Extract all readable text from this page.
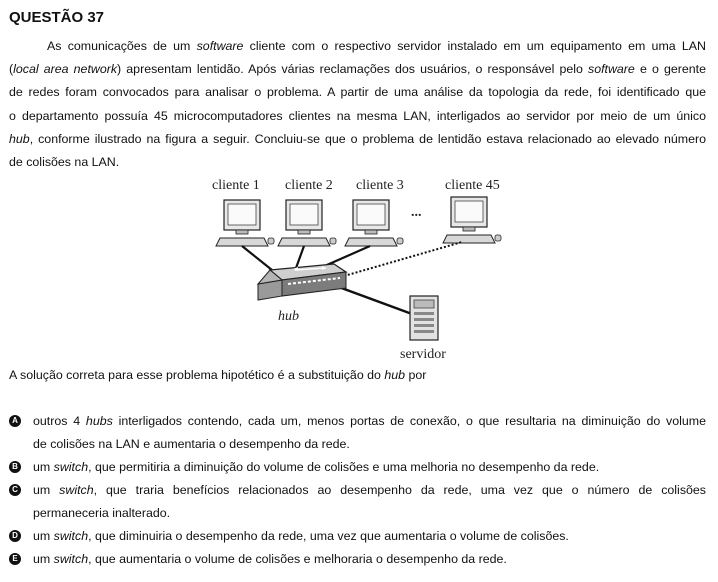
QUESTÃO 37
As comunicações de um software cliente com o respectivo servidor instalado em um equipamento em uma LAN
(local area network) apresentam lentidão. Após várias reclamações dos usuários, o responsável pelo software e o gerente
de redes foram convocados para analisar o problema. A partir de uma análise da topologia da rede, foi identificado que
o departamento possuía 45 microcomputadores clientes na mesma LAN, interligados ao servidor por meio de um único
hub, conforme ilustrado na figura a seguir. Concluiu-se que o problema de lentidão estava relacionado ao elevado número
de colisões na LAN.
cliente 1 cliente 2 cliente 3	cliente 45
...
hub
servidor
A solução correta para esse problema hipotético é a substituição do hub por
A outros 4 hubs interligados contendo, cada um, menos portas de conexão, o que resultaria na diminuição do volume
de colisões na LAN e aumentaria o desempenho da rede.
B um switch, que permitiria a diminuição do volume de colisões e uma melhoria no desempenho da rede.
C um switch, que traria benefícios relacionados ao desempenho da rede, uma vez que o número de colisões
permaneceria inalterado.
D um switch, que diminuiria o desempenho da rede, uma vez que aumentaria o volume de colisões.
E um switch, que aumentaria o volume de colisões e melhoraria o desempenho da rede.
